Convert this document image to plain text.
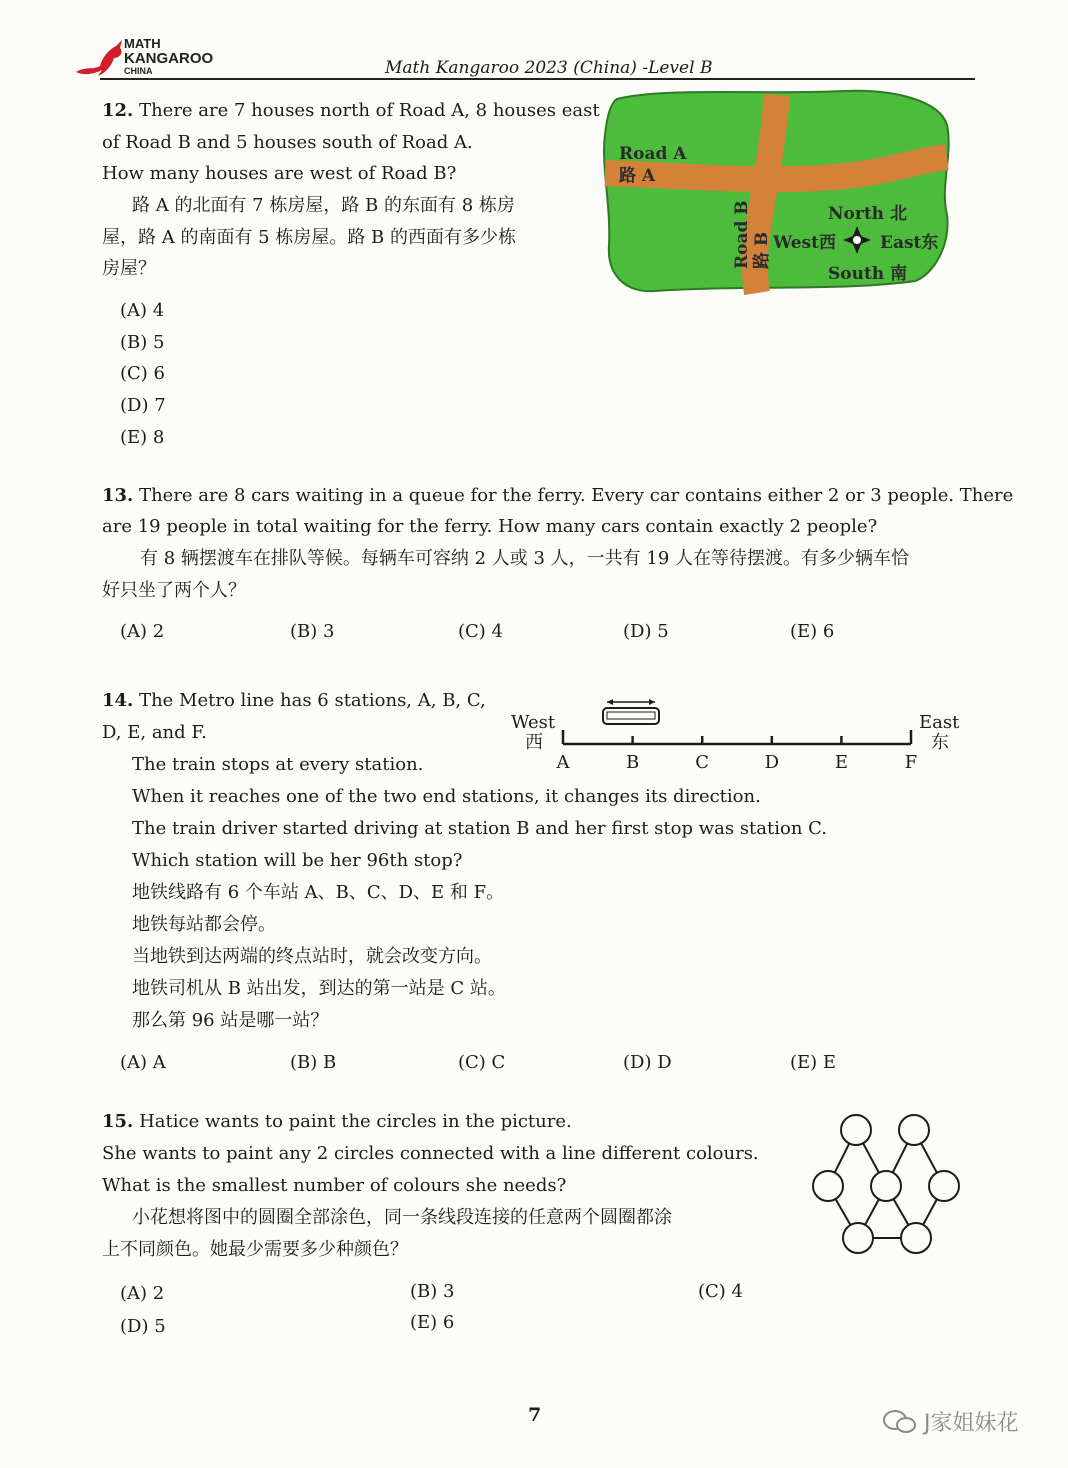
MATH
KANGAROO
CHINA	Math Kangaroo 2023 (China) -Level B
12. There are 7 houses north of Road A, 8 houses east
of Road B and 5 houses south of Road A.
How many houses are west of Road B?
路 A 的北面有 7 栋房屋，路 B 的东面有 8 栋房
屋，路 A 的南面有 5 栋房屋。路 B 的西面有多少栋
房屋？
(A) 4
(B) 5
(C) 6
(D) 7
(E) 8
Road A
路 A
Road B 路 B
North 北
West西	East东
South 南
13. There are 8 cars waiting in a queue for the ferry. Every car contains either 2 or 3 people. There
are 19 people in total waiting for the ferry. How many cars contain exactly 2 people?
有 8 辆摆渡车在排队等候。每辆车可容纳 2 人或 3 人，一共有 19 人在等待摆渡。有多少辆车恰
好只坐了两个人？
(A) 2	(B) 3	(C) 4	(D) 5	(E) 6
14. The Metro line has 6 stations, A, B, C,
D, E, and F.
The train stops at every station.
When it reaches one of the two end stations, it changes its direction.
The train driver started driving at station B and her first stop was station C.
Which station will be her 96th stop?
地铁线路有 6 个车站 A、B、C、D、E 和 F。
地铁每站都会停。
当地铁到达两端的终点站时，就会改变方向。
地铁司机从 B 站出发，到达的第一站是 C 站。
那么第 96 站是哪一站？
West
西
East
东
A	B	C	D	E	F
(A) A	(B) B	(C) C	(D) D	(E) E
15. Hatice wants to paint the circles in the picture.
She wants to paint any 2 circles connected with a line different colours.
What is the smallest number of colours she needs?
小花想将图中的圆圈全部涂色，同一条线段连接的任意两个圆圈都涂
上不同颜色。她最少需要多少种颜色？
(A) 2	(B) 3	(C) 4
(D) 5	(E) 6
7	J家姐妹花
